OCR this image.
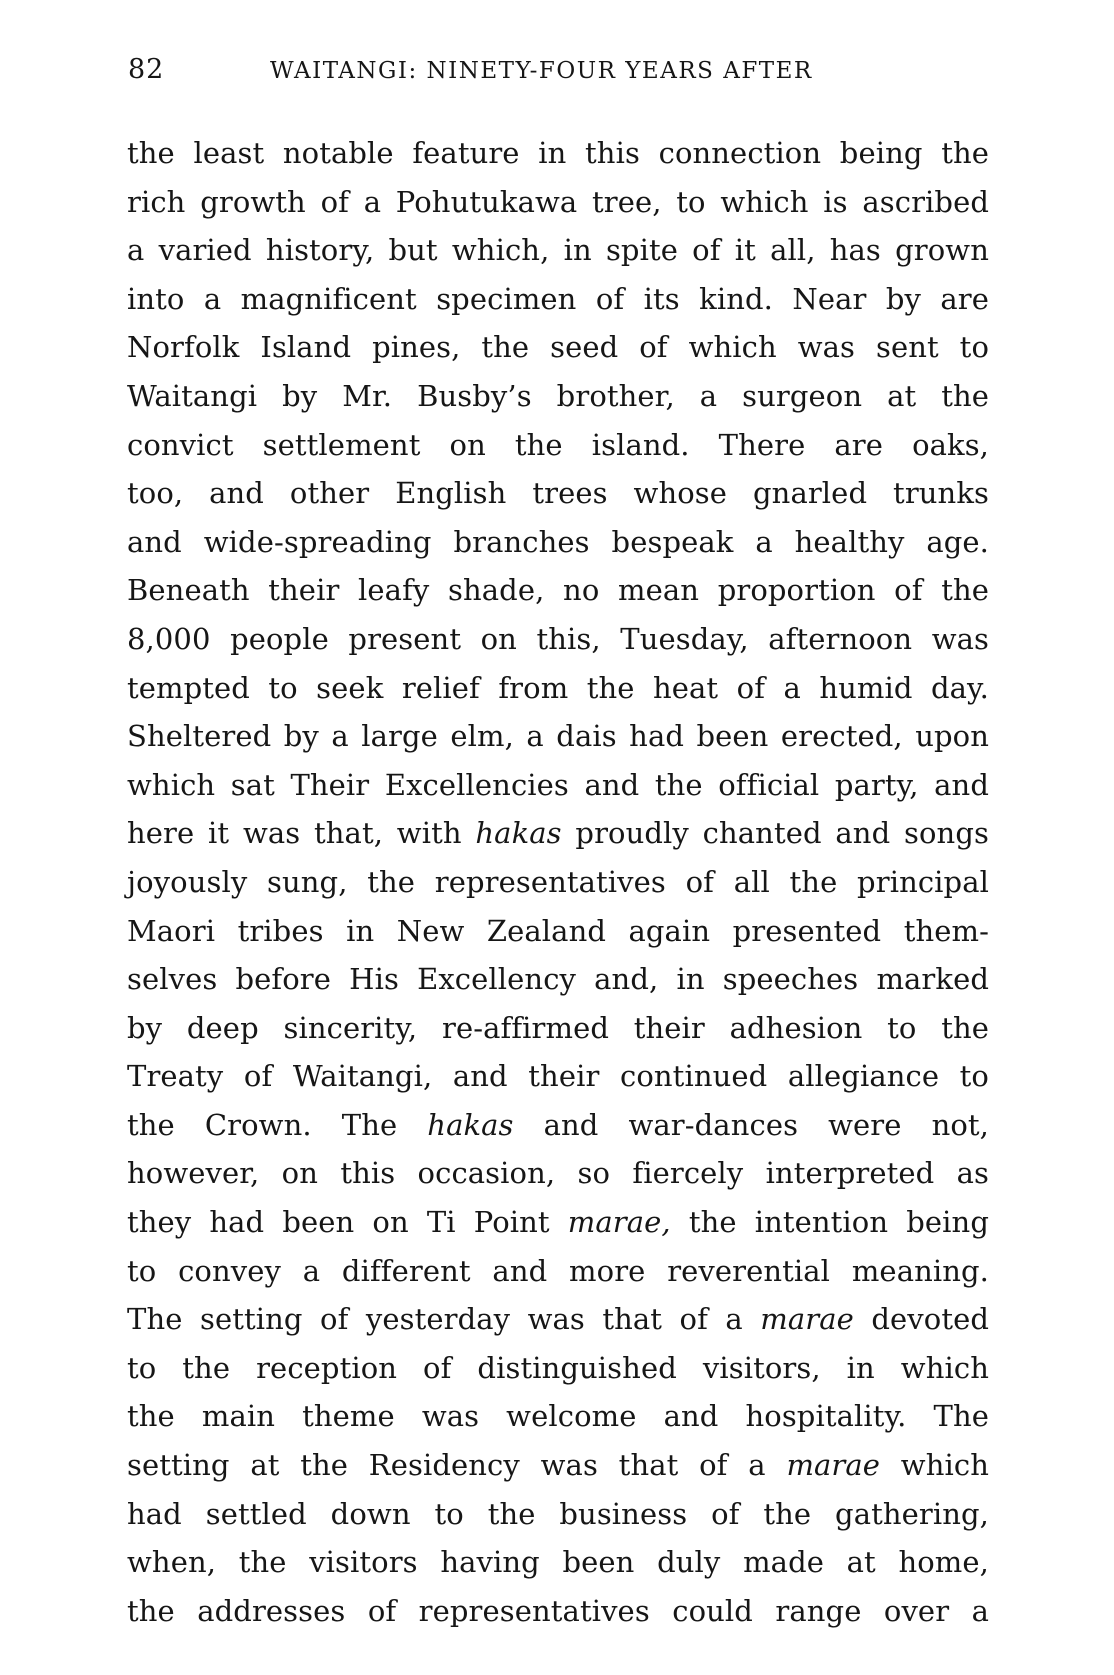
82	WAITANGI: NINETY-FOUR YEARS AFTER
the least notable feature in this connection being the
rich growth of a Pohutukawa tree, to which is ascribed
a varied history, but which, in spite of it all, has grown
into a magnificent specimen of its kind. Near by are
Norfolk Island pines, the seed of which was sent to
Waitangi by Mr. Busby’s brother, a surgeon at the
convict settlement on the island. There are oaks,
too, and other English trees whose gnarled trunks
and wide-spreading branches bespeak a healthy age.
Beneath their leafy shade, no mean proportion of the
8,000 people present on this, Tuesday, afternoon was
tempted to seek relief from the heat of a humid day.
Sheltered by a large elm, a dais had been erected, upon
which sat Their Excellencies and the official party, and
here it was that, with hakas proudly chanted and songs
joyously sung, the representatives of all the principal
Maori tribes in New Zealand again presented them-
selves before His Excellency and, in speeches marked
by deep sincerity, re-affirmed their adhesion to the
Treaty of Waitangi, and their continued allegiance to
the Crown. The hakas and war-dances were not,
however, on this occasion, so fiercely interpreted as
they had been on Ti Point marae, the intention being
to convey a different and more reverential meaning.
The setting of yesterday was that of a marae devoted
to the reception of distinguished visitors, in which
the main theme was welcome and hospitality. The
setting at the Residency was that of a marae which
had settled down to the business of the gathering,
when, the visitors having been duly made at home,
the addresses of representatives could range over a
